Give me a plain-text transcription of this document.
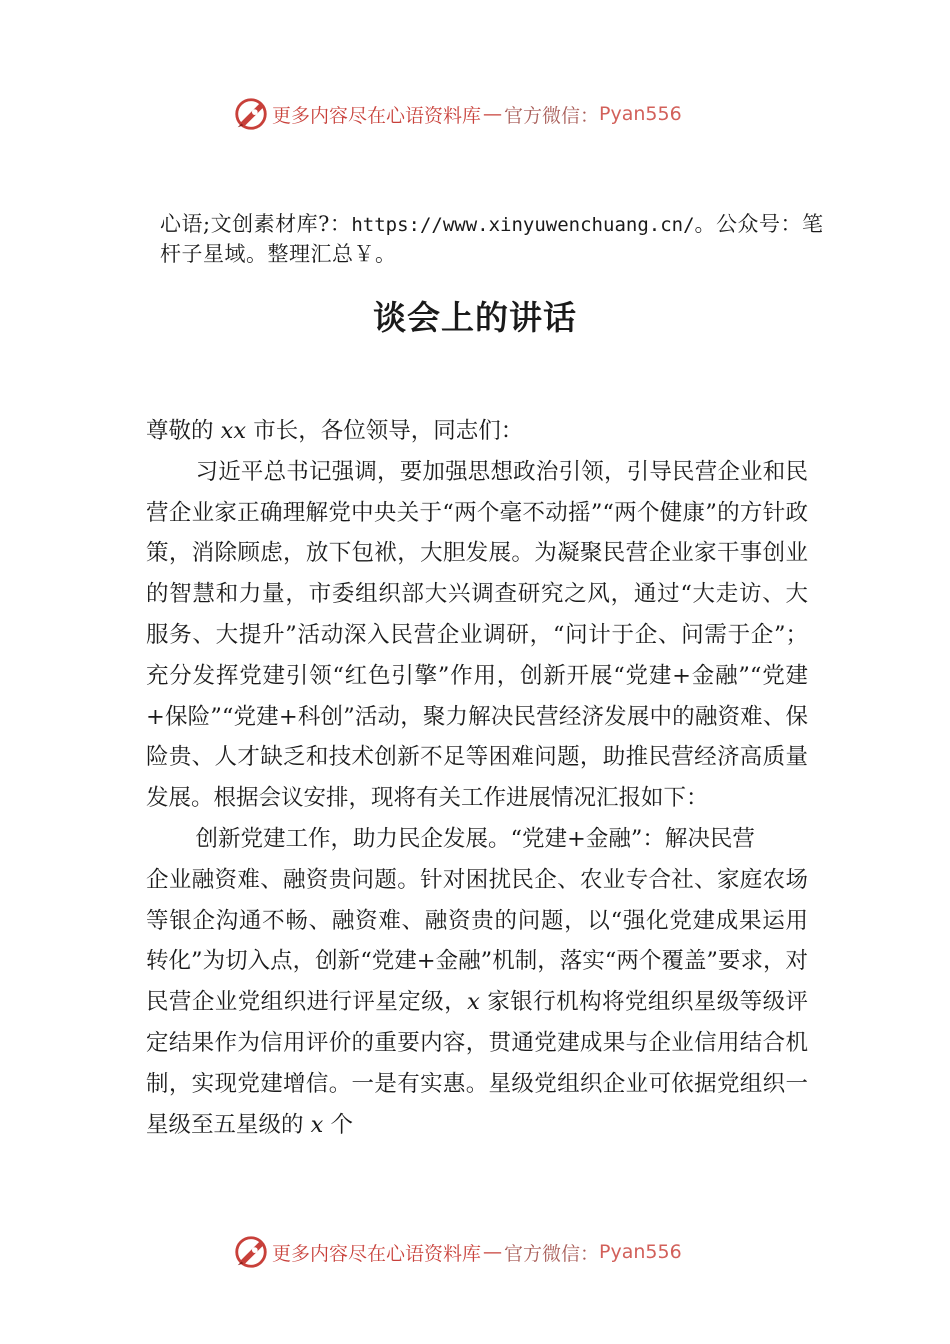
更多内容尽在心语资料库 — 官方微信： Pyan556
心语;文创素材库?：https://www.xinyuwenchuang.cn/。公众号：笔杆子星域。整理汇总￥。
谈会上的讲话

尊敬的 xx 市长，各位领导，同志们：

习近平总书记强调，要加强思想政治引领，引导民营企业和民营企业家正确理解党中央关于“两个毫不动摇”“两个健康”的方针政策，消除顾虑，放下包袱，大胆发展。为凝聚民营企业家干事创业的智慧和力量，市委组织部大兴调查研究之风，通过“大走访、大服务、大提升”活动深入民营企业调研，“问计于企、问需于企”；充分发挥党建引领“红色引擎”作用，创新开展“党建+金融”“党建+保险”“党建+科创”活动，聚力解决民营经济发展中的融资难、保险贵、人才缺乏和技术创新不足等困难问题，助推民营经济高质量发展。根据会议安排，现将有关工作进展情况汇报如下：

创新党建工作，助力民企发展。“党建+金融”：解决民营

企业融资难、融资贵问题。针对困扰民企、农业专合社、家庭农场等银企沟通不畅、融资难、融资贵的问题，以“强化党建成果运用转化”为切入点，创新“党建+金融”机制，落实“两个覆盖”要求，对民营企业党组织进行评星定级，x 家银行机构将党组织星级等级评定结果作为信用评价的重要内容，贯通党建成果与企业信用结合机制，实现党建增信。一是有实惠。星级党组织企业可依据党组织一星级至五星级的 x 个

更多内容尽在心语资料库 — 官方微信： Pyan556
